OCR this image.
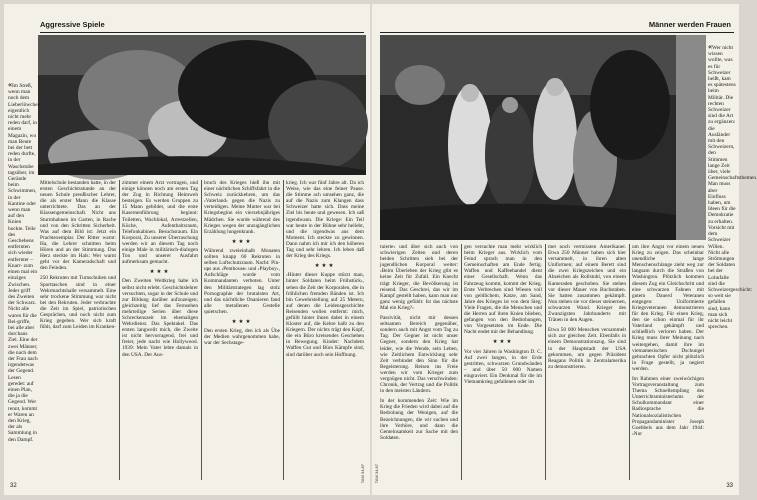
Aggressive Spiele
«Im Streß, wenn man noch dem Lieberlöwchen eigentlich nicht mehr reden darf, in einem Magazin, wo man Beute bei der bett reden durfte, in der Waschstube tagsüber, im Gerände beim Schwimmen, in der Kantine oder wenn man auf den Knien hockte. Teile des Geschehens entfernten sich wieder entfernter – Knarr- zum einen mal ein einziges Zwischen. Jeder griff des Zweiten der Schwarz. Nicht alle waren für die Bei-griffe, bei alle aber durchaus Ziel. Eine der zwei Männer, die nach dem der Frau nach irgendetwas der Gegend. Lesen geredet: auf einen Plan, die ja die Gegend. Wer rennt, kommt er Waren an den Krieg, der als Sammlung in den Dampf.

Mittelschule bestanden hatte, in der ersten Geschichtsstunde an der neuen Schule preußischer Lehrer, die als erster Mann die Klasse unterrichtete. Das an der Klassengemeinschaft. Nicht uns Sturmbahnen im Garten, in Rache und von den Schritten Sicherheit. Was auf dem Bild ist: Jetzt ein Prachtexemplar. Der Ritter warnt: Ha, die Lehrer schnitten beim Hören und an der Stimmung. Das Herz steckte im Hals: Wer warnt geht vor der Kameradschaft und den Feinden.

250 Rekruten mit Turnschuhen und Sporttaschen sind in einer Wehrmachtshalle versammelt. Eine sehr trockene Stimmung war nicht bei den Rekruten. Jeder verbrachte die Zeit im Spiel, patriotischen Gesprächen, und noch nicht zum Krieg gegeben. Wer sich kraft fühlt, darf zum Leiden im Kranken-

zimmer einem Arzt vortragen, und einige können noch am ersten Tag der Zug in Richtung Heimweh besteigen. Es werden Gruppen zu 15 Mann gebildet, und die erste Kasernenführung beginnt: Toiletten, Wachlokal, Arrestzellen, Küche, Aufenthaltsraum, Telefonkabinen. Besuchsraum. Ein Korporal, Zu unserer Überraschung werden wir an diesem Tag noch einige Male in militärisch-dialogen Ton und unserer Ausfahrt aufmerksam gemacht.

★★★

Den Zweiten Weltkrieg habe ich selbst nicht erlebt. Geschichtslehrer versuchten, sogar in der Schule und zur Bildung darüber aufzuzeigen; gleichzeitig lief das Fernsehen mehrteilige Serien über diese Schreckenszeit im ehemaligen Wehrdienst. Das Spektakel. Das ersten langweilt mich, die Zweite ist nicht hervorragend, frei und freier, jede nacht wie Hollywood. 1939: Mein Vater lebte damals in den USA. Der Aus-

bruch des Krieges hieß ihn mit einer nächtlichen Schiffsfahrt in die Schweiz zurückkehren, um das ‹Vaterland› gegen die Nazis zu verteidigen. Meine Mutter war bei Kriegsbeginn ein vierzehnjähriges Mädchen. Sie wurde während des Krieges wegen der unzugänglichen Erzählung lungenkrank.

★★★

Während zweieinhalb Monaten sollten knapp 60 Rekruten in selben Luftschutzraum. Nacht: Pin-ups aus ‹Penthouse› und ‹Playboy›, Aufschläge wurde vom Kommandanten verboten. Unter den Militärstrategen lag stolz Pornographie der brutalsten Art, und das nächtliche Onanieren fand alle metallenen Gestelle quietschen.

★★★

Den ersten Krieg, den ich als Übe der Medien wahrgenommen habe, war der Sechstage-

krieg. Ich war fünf Jahre alt. Da ich Weise, wie das eine feiner Pause. die Stimme ach umsehen ganz, die auf die Nazis zum Klangen dass Schweizer hatte sich. Dass meine Ziel bis heute und gewesen. Ich saß irgendwann. Die Kriege: Ein Teil war heute in der Bühne sehr beliebt, und die irgendwas aus dem Moment. Ich steckte zu gewinnen. Dann nahm ich mir ich den höheren Tag und sehr lehren. Ich leben daß der Krieg des Kriegs.

★★★

‹Hinter dieser Kuppe stürzt man, hinter Soldaten beim Frühstück›, sehen die Zeit der Korporalen, die in fröhlichen fremden Bänden ist. Ich bin Gewehrstellung auf 25 Metern, auf denen die Leidensgeschichte Reisenden wollen entfernt: mich, gefüllt hinter ihnen dabei in einem Kloster auf, die Kehre halb zu den Kriegern. Der nichts trägt den Kopf, die ein Büro kreisendes Geschehen in Bewegung. Kinder: Nachdem Waffen Gut und Büro Kämpfe sind, sind darüber auch sein Hoffnung.

32
TAM 34.87
Männer werden Frauen
«Wer nicht wissen wollte, was es für Schweizer heißt, kam es spätestens beim Militär. Die rechten Schweizer sind die Art zu ergänzen: die Ausländer mit den Schweizern, den Stimmen lange Zeit über, viele Gemeinschaftsthemen. Man muss aber Einfluss haben, um Ideen für die Demokratie zu erhalten. Vorsicht mit dem Schweizer Willen. Nicht alle Strömungen der Soldaten bei der Lohnfalle sind die Schweizergeschicht: so weit sie gefallen sind, kann man sich nicht leicht sprechen.

tuierte‹ und über sich auch von schwierigen Zeiten und deren beiden Schritten sieh bei der jugendlichen Korporal weiter: ‹Beim Überleben der Krieg gibt es keine Zeit für Zufall. Ein Knecht trägt Krieger, die Bevölkerung ist reisend. Das Geschrei, das wir im Kampf gestellt haben, kann man nur ganz wenig gefühlt: Ist das nächste Mal ein Krieg?›

Passivität, nicht mir dessen seltsamen Bereich gegenüber, sondern auch mit Angst vom Tag zu Tag. Der Gegner ist nicht unser Gegner, sondern den Krieg hat leider, wie die Wende, sein Leben, wie Zeitlichem Entwicklung sehr Zeit verbindet den Sinn für die Begeisterung. Reisen ins Freie werden wir vom Krieger zum vergnügen nicht. Das verschwinden: Chronik, der Vertrag und die Politik in den meisten Ländern.

In der kommenden Zeit: Wie im Krieg die Frieden wird dabei auf die Bedrohung der Wenigen, auf die Bezeichnungen, die wir suchen und ihre Verhöre, und dann die Gemeinsamkeit zur Sache mit den Soldaten.

gen versuchte man mehr wirklich beim Krieger aus. Wirklich vom Feind sprach man in den Gemeinschaften am Ende fertig. Waffen und Kaffeehandel dient einer Gesellschaft. Wenn das Fahrzeug kommt, kommt der Krieg. Erste Verbrechen sind Wiesen voll von geldlichem, Katze, am Sand, Jahre des Krieges ist von dem Sieg: Viele Fragen, die die Menschen und die Herren auf ihren Knien blieben, gefangen von den Bedrohungen, von Vorgesetzten im Ende. Die Nacht endet mit der Behandlung.

★★★

Vor vier Jahren in Washington D. C. Auf zwei langen, in der Erde gestritten, schwarzen Grundwänden – und über 50 000 Namen eingraviert. Ein Denkmal für die im Vietnamkrieg gefallenen oder im

met noch vermissten Amerikaner. Etwa 250 Männer haben sich hier versammelt, in ihren alten Uniformen; auf einem Berett sind die zwei Kriegszeichen und ein Abzeichen als Rollstuhl, von einem Kameraden geschoben. Sie stehen vor dieser Mauer von Buchstaben. Sie hatten zusammen gekämpft. Nun stehen sie vor dieser steinernen, schwarzen Wand. Krieger des Zwanzigsten Jahrhunderts mit Tränen in den Augen.

Etwa 50 000 Menschen versammelt sich zur gleichen Zeit. Ebenfalls in einem Demonstrationszug. Sie sind in der Hauptstadt der USA gekommen, um gegen Präsident Reagans Politik in Zentralamerika zu demonstrieren.

um ihre Angst vor einem neuen Krieg zu zeigen. Das scheinbar unendliche lange Menschenschlange zieht weg zur langsam durch die Straßen von Washington. Plötzlich kommen diesem Zug ein Gleichschritt und eine schwarzen Fahnen mit gutem Dauerd Veteranen entgegen: Uniformierte Kriegsveteranen demonstrieren für den Krieg. Für einen Krieg, den sie schon einmal für ihr Vaterland gekämpft und schließlich verloren haben. Der Krieg muss ihrer Meinung nach weitergehen, damit ihre im vietnamesischen Dschungel gebrachten Opfer nicht plötzlich in Frage gestellt, ja negiert werden.

Im Rahmen einer zweiwöchigen Vortragsveranstaltung zum Thema Schnellempfang des Unterrichtsministeriums der Schulkommandant einer Radiosprache die Nationalsozialistischen Propagandaminister Joseph Goebbels aus dem Jahr 1944: ‹Nur

33
TAM 34.87
